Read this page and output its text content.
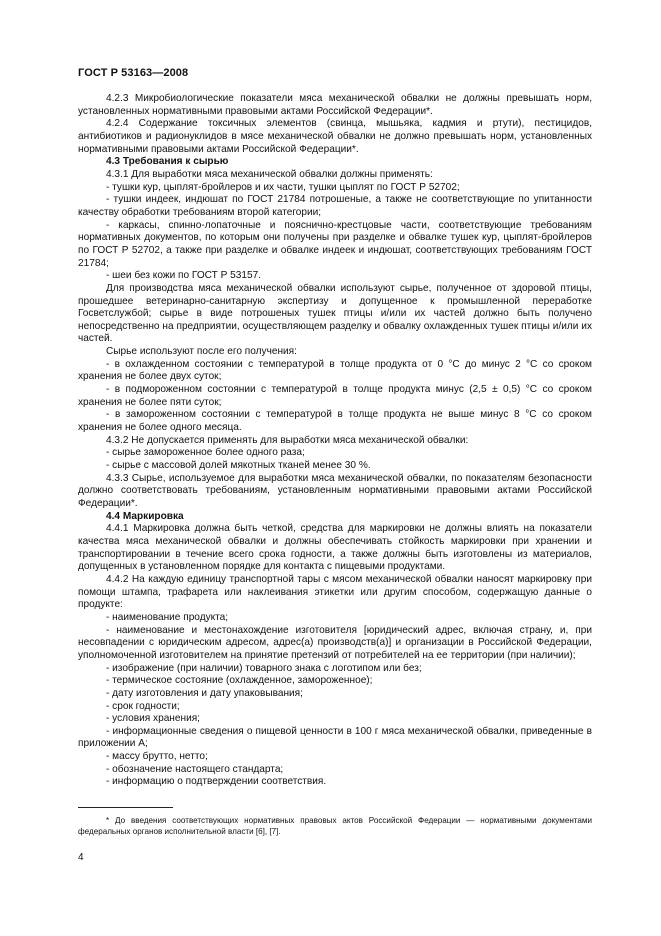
ГОСТ Р 53163—2008

4.2.3 Микробиологические показатели мяса механической обвалки не должны превышать норм, установленных нормативными правовыми актами Российской Федерации*.

4.2.4 Содержание токсичных элементов (свинца, мышьяка, кадмия и ртути), пестицидов, антибиотиков и радионуклидов в мясе механической обвалки не должно превышать норм, установленных нормативными правовыми актами Российской Федерации*.

4.3 Требования к сырью

4.3.1 Для выработки мяса механической обвалки должны применять:

- тушки кур, цыплят-бройлеров и их части, тушки цыплят по ГОСТ Р 52702;

- тушки индеек, индюшат по ГОСТ 21784 потрошеные, а также не соответствующие по упитанности качеству обработки требованиям второй категории;

- каркасы, спинно-лопаточные и пояснично-крестцовые части, соответствующие требованиям нормативных документов, по которым они получены при разделке и обвалке тушек кур, цыплят-бройлеров по ГОСТ Р 52702, а также при разделке и обвалке индеек и индюшат, соответствующих требованиям ГОСТ 21784;

- шеи без кожи по ГОСТ Р 53157.

Для производства мяса механической обвалки используют сырье, полученное от здоровой птицы, прошедшее ветеринарно-санитарную экспертизу и допущенное к промышленной переработке Госветслужбой; сырье в виде потрошеных тушек птицы и/или их частей должно быть получено непосредственно на предприятии, осуществляющем разделку и обвалку охлажденных тушек птицы и/или их частей.

Сырье используют после его получения:

- в охлажденном состоянии с температурой в толще продукта от 0 °С до минус 2 °С со сроком хранения не более двух суток;

- в подмороженном состоянии с температурой в толще продукта минус (2,5 ± 0,5) °С со сроком хранения не более пяти суток;

- в замороженном состоянии с температурой в толще продукта не выше минус 8 °С со сроком хранения не более одного месяца.

4.3.2 Не допускается применять для выработки мяса механической обвалки:

- сырье замороженное более одного раза;

- сырье с массовой долей мякотных тканей менее 30 %.

4.3.3 Сырье, используемое для выработки мяса механической обвалки, по показателям безопасности должно соответствовать требованиям, установленным нормативными правовыми актами Российской Федерации*.

4.4 Маркировка

4.4.1 Маркировка должна быть четкой, средства для маркировки не должны влиять на показатели качества мяса механической обвалки и должны обеспечивать стойкость маркировки при хранении и транспортировании в течение всего срока годности, а также должны быть изготовлены из материалов, допущенных в установленном порядке для контакта с пищевыми продуктами.

4.4.2 На каждую единицу транспортной тары с мясом механической обвалки наносят маркировку при помощи штампа, трафарета или наклеивания этикетки или другим способом, содержащую данные о продукте:

- наименование продукта;

- наименование и местонахождение изготовителя [юридический адрес, включая страну, и, при несовпадении с юридическим адресом, адрес(а) производств(а)] и организации в Российской Федерации, уполномоченной изготовителем на принятие претензий от потребителей на ее территории (при наличии);

- изображение (при наличии) товарного знака с логотипом или без;

- термическое состояние (охлажденное, замороженное);

- дату изготовления и дату упаковывания;

- срок годности;

- условия хранения;

- информационные сведения о пищевой ценности в 100 г мяса механической обвалки, приведенные в приложении А;

- массу брутто, нетто;

- обозначение настоящего стандарта;

- информацию о подтверждении соответствия.

* До введения соответствующих нормативных правовых актов Российской Федерации — нормативными документами федеральных органов исполнительной власти [6], [7].

4
